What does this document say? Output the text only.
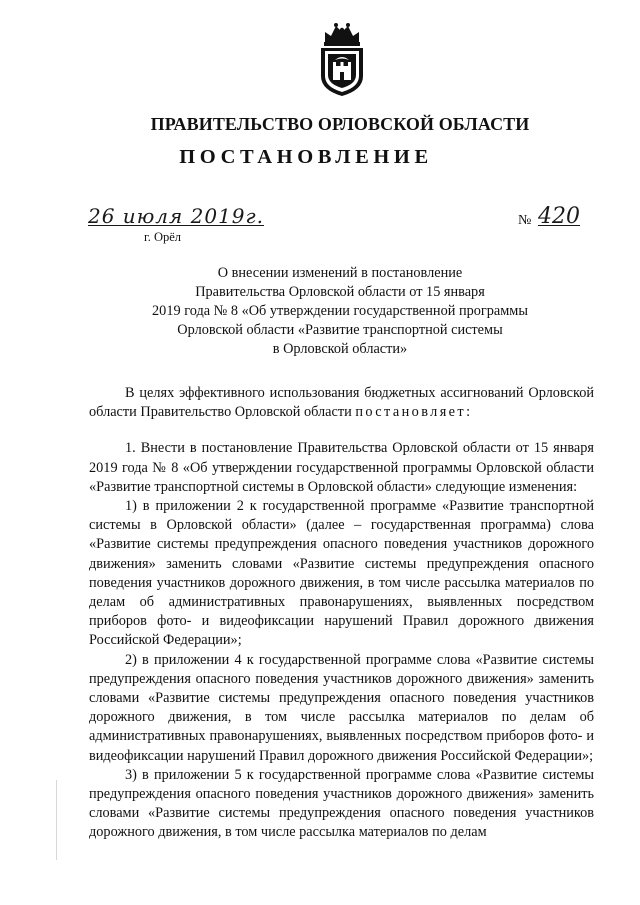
ПРАВИТЕЛЬСТВО ОРЛОВСКОЙ ОБЛАСТИ
ПОСТАНОВЛЕНИЕ
26 июля 2019г.
г. Орёл
№ 420
О внесении изменений в постановление
Правительства Орловской области от 15 января
2019 года № 8 «Об утверждении государственной программы
Орловской области «Развитие транспортной системы
в Орловской области»

В целях эффективного использования бюджетных ассигнований Орловской области Правительство Орловской области постановляет:

1. Внести в постановление Правительства Орловской области от 15 января 2019 года № 8 «Об утверждении государственной программы Орловской области «Развитие транспортной системы в Орловской области» следующие изменения:

1) в приложении 2 к государственной программе «Развитие транспортной системы в Орловской области» (далее – государственная программа) слова «Развитие системы предупреждения опасного поведения участников дорожного движения» заменить словами «Развитие системы предупреждения опасного поведения участников дорожного движения, в том числе рассылка материалов по делам об административных правонарушениях, выявленных посредством приборов фото- и видеофиксации нарушений Правил дорожного движения Российской Федерации»;

2) в приложении 4 к государственной программе слова «Развитие системы предупреждения опасного поведения участников дорожного движения» заменить словами «Развитие системы предупреждения опасного поведения участников дорожного движения, в том числе рассылка материалов по делам об административных правонарушениях, выявленных посредством приборов фото- и видеофиксации нарушений Правил дорожного движения Российской Федерации»;

3) в приложении 5 к государственной программе слова «Развитие системы предупреждения опасного поведения участников дорожного движения» заменить словами «Развитие системы предупреждения опасного поведения участников дорожного движения, в том числе рассылка материалов по делам
